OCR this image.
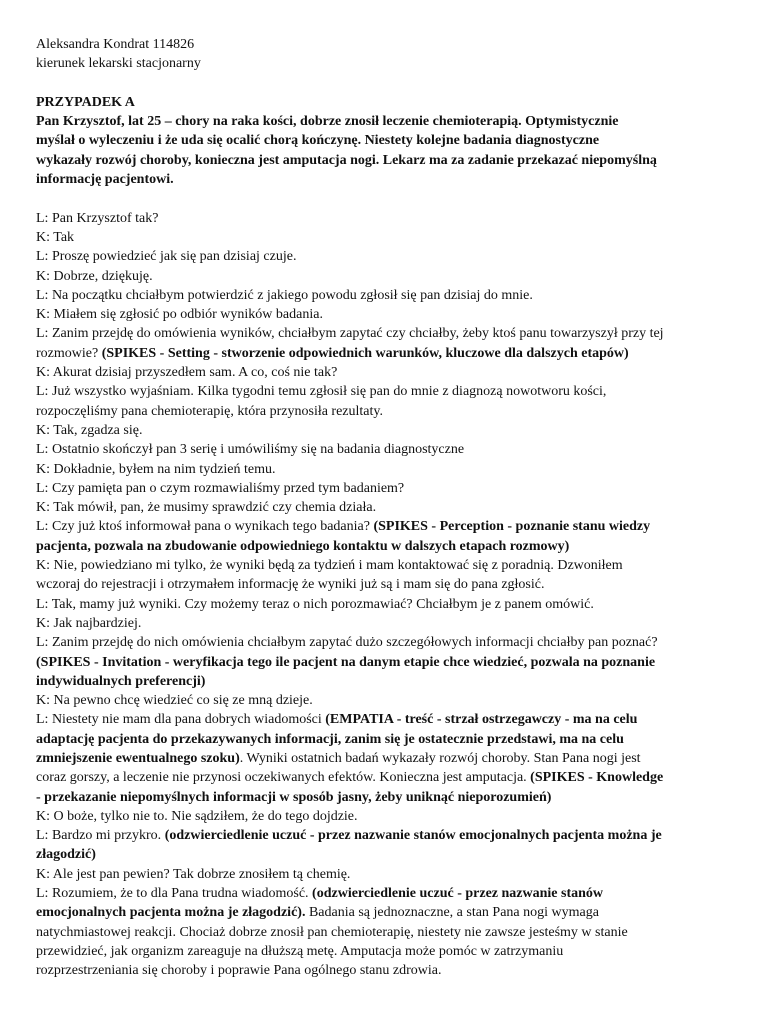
Aleksandra Kondrat 114826
kierunek lekarski stacjonarny
PRZYPADEK A
Pan Krzysztof, lat 25 – chory na raka kości, dobrze znosił leczenie chemioterapią. Optymistycznie
myślał o wyleczeniu i że uda się ocalić chorą kończynę. Niestety kolejne badania diagnostyczne
wykazały rozwój choroby, konieczna jest amputacja nogi. Lekarz ma za zadanie przekazać niepomyślną
informację pacjentowi.
L: Pan Krzysztof tak?
K: Tak
L: Proszę powiedzieć jak się pan dzisiaj czuje.
K: Dobrze, dziękuję.
L: Na początku chciałbym potwierdzić z jakiego powodu zgłosił się pan dzisiaj do mnie.
K: Miałem się zgłosić po odbiór wyników badania.
L: Zanim przejdę do omówienia wyników, chciałbym zapytać czy chciałby, żeby ktoś panu towarzyszył przy tej
rozmowie? (SPIKES - Setting - stworzenie odpowiednich warunków, kluczowe dla dalszych etapów)
K: Akurat dzisiaj przyszedłem sam. A co, coś nie tak?
L: Już wszystko wyjaśniam. Kilka tygodni temu zgłosił się pan do mnie z diagnozą nowotworu kości,
rozpoczęliśmy pana chemioterapię, która przynosiła rezultaty.
K: Tak, zgadza się.
L: Ostatnio skończył pan 3 serię i umówiliśmy się na badania diagnostyczne
K: Dokładnie, byłem na nim tydzień temu.
L: Czy pamięta pan o czym rozmawialiśmy przed tym badaniem?
K: Tak mówił, pan, że musimy sprawdzić czy chemia działa.
L: Czy już ktoś informował pana o wynikach tego badania? (SPIKES - Perception - poznanie stanu wiedzy
pacjenta, pozwala na zbudowanie odpowiedniego kontaktu w dalszych etapach rozmowy)
K: Nie, powiedziano mi tylko, że wyniki będą za tydzień i mam kontaktować się z poradnią. Dzwoniłem
wczoraj do rejestracji i otrzymałem informację że wyniki już są i mam się do pana zgłosić.
L: Tak, mamy już wyniki. Czy możemy teraz o nich porozmawiać? Chciałbym je z panem omówić.
K: Jak najbardziej.
L: Zanim przejdę do nich omówienia chciałbym zapytać dużo szczegółowych informacji chciałby pan poznać?
(SPIKES - Invitation - weryfikacja tego ile pacjent na danym etapie chce wiedzieć, pozwala na poznanie
indywidualnych preferencji)
K: Na pewno chcę wiedzieć co się ze mną dzieje.
L: Niestety nie mam dla pana dobrych wiadomości (EMPATIA - treść - strzał ostrzegawczy - ma na celu
adaptację pacjenta do przekazywanych informacji, zanim się je ostatecznie przedstawi, ma na celu
zmniejszenie ewentualnego szoku). Wyniki ostatnich badań wykazały rozwój choroby. Stan Pana nogi jest
coraz gorszy, a leczenie nie przynosi oczekiwanych efektów. Konieczna jest amputacja. (SPIKES - Knowledge
- przekazanie niepomyślnych informacji w sposób jasny, żeby uniknąć nieporozumień)
K: O boże, tylko nie to. Nie sądziłem, że do tego dojdzie.
L: Bardzo mi przykro. (odzwierciedlenie uczuć - przez nazwanie stanów emocjonalnych pacjenta można je
złagodzić)
K: Ale jest pan pewien? Tak dobrze znosiłem tą chemię.
L: Rozumiem, że to dla Pana trudna wiadomość. (odzwierciedlenie uczuć - przez nazwanie stanów
emocjonalnych pacjenta można je złagodzić). Badania są jednoznaczne, a stan Pana nogi wymaga
natychmiastowej reakcji. Chociaż dobrze znosił pan chemioterapię, niestety nie zawsze jesteśmy w stanie
przewidzieć, jak organizm zareaguje na dłuższą metę. Amputacja może pomóc w zatrzymaniu
rozprzestrzeniania się choroby i poprawie Pana ogólnego stanu zdrowia.
